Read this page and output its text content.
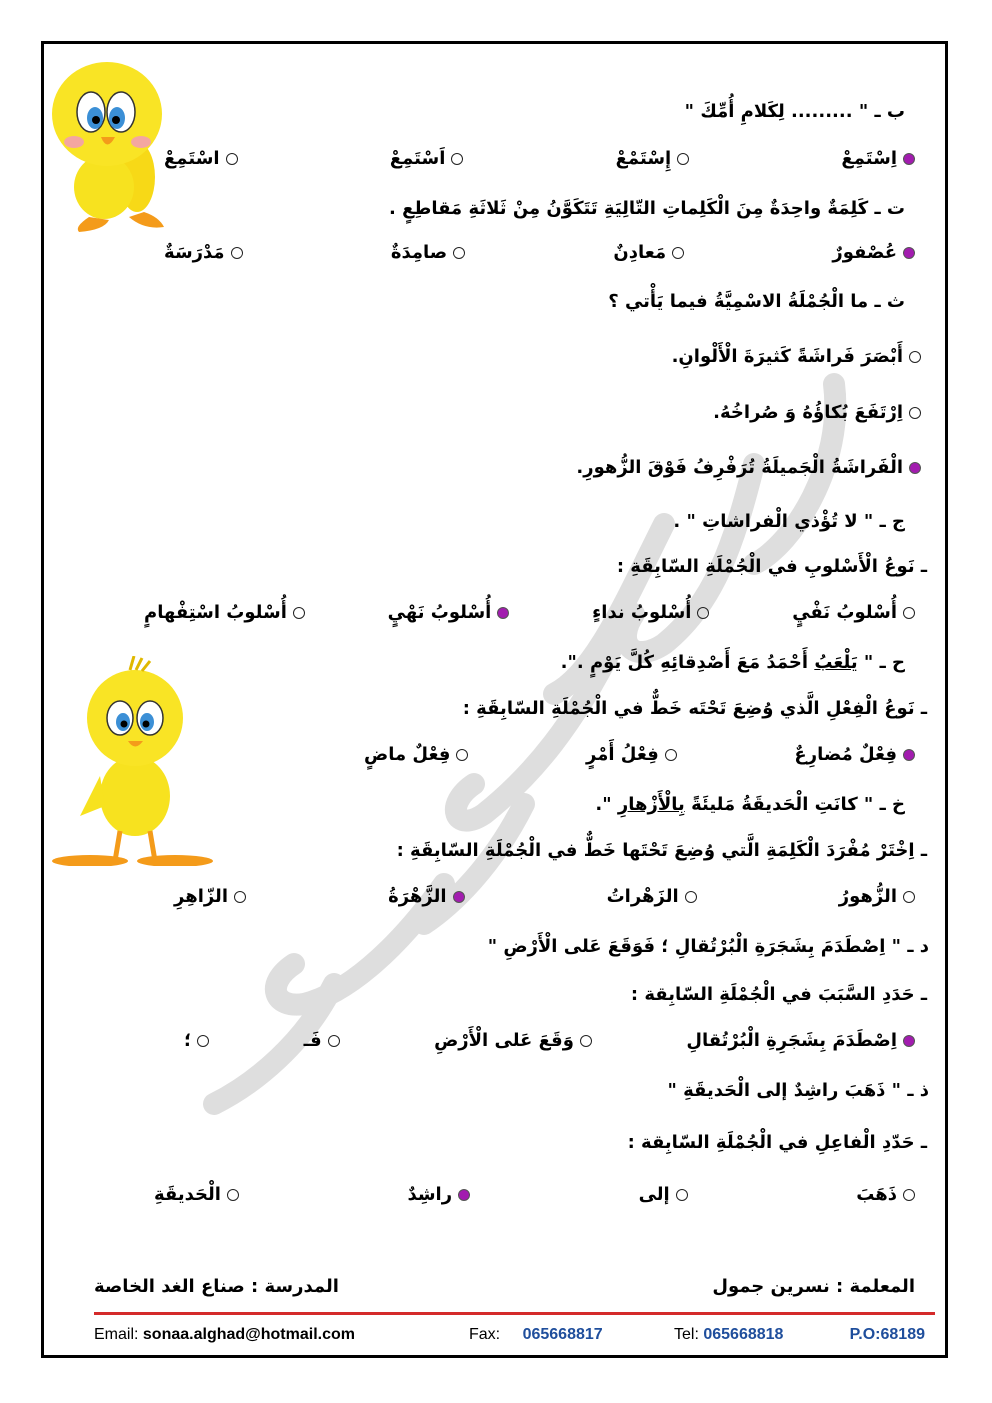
ب ـ " ......... لِكَلامِ أُمِّكَ "
اِسْتَمِعْ
إِسْتَمْعْ
اَسْتَمِعْ
اسْتَمِعْ
ت ـ كَلِمَةٌ واحِدَةٌ مِنَ الْكَلِماتِ التّالِيَةِ تَتَكَوَّنُ مِنْ ثَلاثَةِ مَقاطِعٍ .
عُصْفورٌ
مَعادِنٌ
صامِدَةٌ
مَدْرَسَةٌ
ث ـ ما الْجُمْلَةُ الاسْمِيَّةُ فيما يَأْتي ؟
أَبْصَرَ فَراشَةً كَثيرَةَ الْأَلْوانِ.
اِرْتَفَعَ بُكاؤُهُ وَ صُراخُهُ.
الْفَراشَةُ الْجَميلَةُ تُرَفْرِفُ فَوْقَ الزُّهورِ.
ج ـ " لا تُؤْذي الْفراشاتِ " .
ـ نَوعُ الْأَسْلوبِ في الْجُمْلَةِ السّابِقَةِ :
أُسْلوبُ نَفْيٍ
أُسْلوبُ نداءٍ
أُسْلوبُ نَهْيٍ
أُسْلوبُ اسْتِفْهامٍ
ح ـ " يَلْعَبُ أَحْمَدُ مَعَ أَصْدِقائِهِ كُلَّ يَوْمٍ .".
ـ نَوعُ الْفِعْلِ الَّذي وُضِعَ تَحْتَه خَطٌّ في الْجُمْلَةِ السّابِقَةِ :
فِعْلٌ مُضارِعٌ
فِعْلُ أَمْرٍ
فِعْلٌ ماضٍ
خ ـ " كانَتِ الْحَديقَةُ مَليئَةً بِالْأَزْهارِ ".
ـ اِخْتَرْ مُفْرَدَ الْكَلِمَةِ الَّتي وُضِعَ تَحْتَها خَطٌّ في الْجُمْلَةِ السّابِقَةِ :
الزُّهورُ
الزَهْراتُ
الزَّهْرَةُ
الزّاهِرِ
د ـ " اِصْطَدَمَ بِشَجَرَةِ الْبُرْتُقالِ ؛ فَوَقَعَ عَلى الْأَرْضِ "
ـ حَدَدِ السَّبَبَ في الْجُمْلَةِ السّابِقة :
اِصْطَدَمَ بِشَجَرِةِ الْبُرْتُقالِ
وَقَعَ عَلى الْأَرْضِ
فَـ
؛
ذ ـ " ذَهَبَ راشِدٌ إلى الْحَديقَةِ "
ـ حَدّدِ الْفاعِلِ في الْجُمْلَةِ السّابِقة :
ذَهَبَ
إلى
راشِدٌ
الْحَديقَةِ
المعلمة : نسرين جمول
المدرسة : صناع الغد الخاصة
Email: sonaa.alghad@hotmail.com	Fax: 065668817	Tel: 065668818	P.O:68189
